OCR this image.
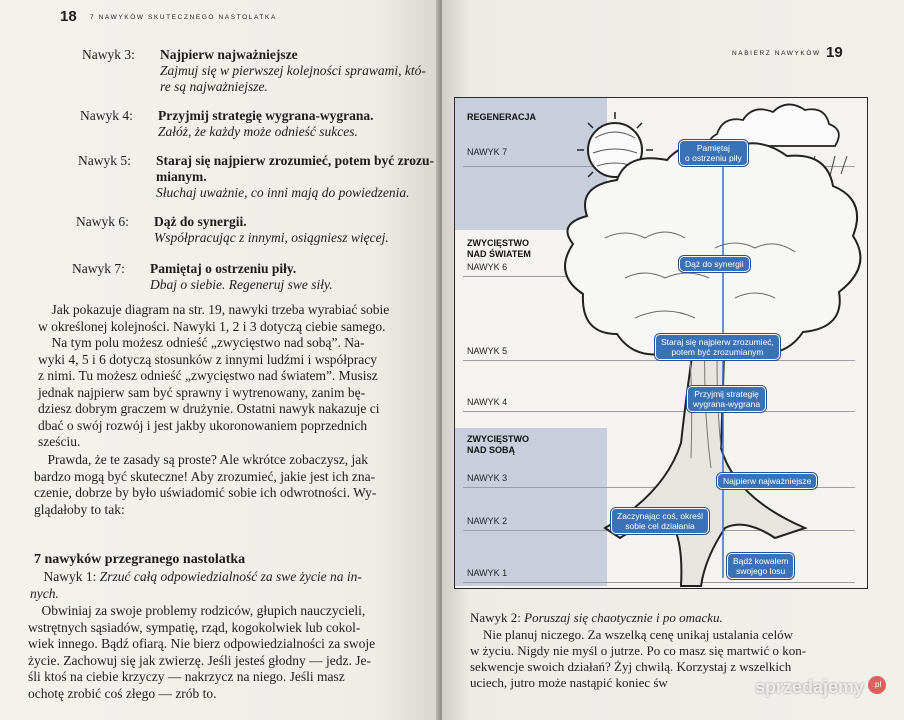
18 7 NAWYKÓW SKUTECZNEGO NASTOLATKA
Nawyk 3: Najpierw najważniejsze
Zajmuj się w pierwszej kolejności sprawami, któ-
re są najważniejsze.
Nawyk 4: Przyjmij strategię wygrana-wygrana.
Załóż, że każdy może odnieść sukces.
Nawyk 5: Staraj się najpierw zrozumieć, potem być zrozu-
mianym.
Słuchaj uważnie, co inni mają do powiedzenia.
Nawyk 6: Dąż do synergii.
Współpracując z innymi, osiągniesz więcej.
Nawyk 7: Pamiętaj o ostrzeniu piły.
Dbaj o siebie. Regeneruj swe siły.
Jak pokazuje diagram na str. 19, nawyki trzeba wyrabiać sobie
w określonej kolejności. Nawyki 1, 2 i 3 dotyczą ciebie samego.
Na tym polu możesz odnieść „zwycięstwo nad sobą”. Na-
wyki 4, 5 i 6 dotyczą stosunków z innymi ludźmi i współpracy
z nimi. Tu możesz odnieść „zwycięstwo nad światem”. Musisz
jednak najpierw sam być sprawny i wytrenowany, zanim bę-
dziesz dobrym graczem w drużynie. Ostatni nawyk nakazuje ci
dbać o swój rozwój i jest jakby ukoronowaniem poprzednich
sześciu.
Prawda, że te zasady są proste? Ale wkrótce zobaczysz, jak
bardzo mogą być skuteczne! Aby zrozumieć, jakie jest ich zna-
czenie, dobrze by było uświadomić sobie ich odwrotności. Wy-
glądałoby to tak:
7 nawyków przegranego nastolatka
Nawyk 1: Zrzuć całą odpowiedzialność za swe życie na in-
nych.
Obwiniaj za swoje problemy rodziców, głupich nauczycieli,
wstrętnych sąsiadów, sympatię, rząd, kogokolwiek lub cokol-
wiek innego. Bądź ofiarą. Nie bierz odpowiedzialności za swoje
życie. Zachowuj się jak zwierzę. Jeśli jesteś głodny — jedz. Je-
śli ktoś na ciebie krzyczy — nakrzycz na niego. Jeśli masz
ochotę zrobić coś złego — zrób to.
NABIERZ NAWYKÓW 19
REGENERACJA
ZWYCIĘSTWO
NAD ŚWIATEM
ZWYCIĘSTWO
NAD SOBĄ
NAWYK 7
NAWYK 6
NAWYK 5
NAWYK 4
NAWYK 3
NAWYK 2
NAWYK 1
Pamiętaj
o ostrzeniu piły
Dąż do synergii
Staraj się najpierw zrozumieć,
potem być zrozumianym
Przyjmij strategię
wygrana-wygrana
Najpierw najważniejsze
Zaczynając coś, określ
sobie cel działania
Bądź kowalem
swojego losu
Nawyk 2: Poruszaj się chaotycznie i po omacku.
Nie planuj niczego. Za wszelką cenę unikaj ustalania celów
w życiu. Nigdy nie myśl o jutrze. Po co masz się martwić o kon-
sekwencje swoich działań? Żyj chwilą. Korzystaj z wszelkich
uciech, jutro może nastąpić koniec św	sprzedajemy	.pl
